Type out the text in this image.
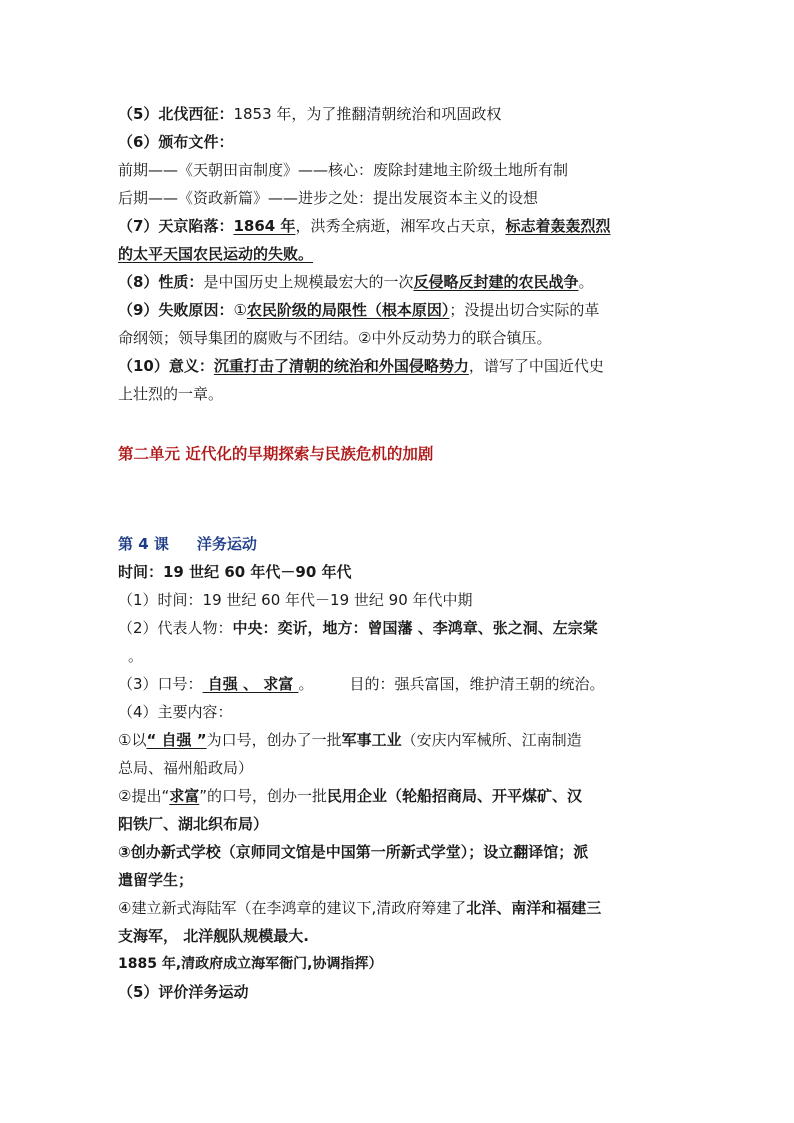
（5）北伐西征：1853 年，为了推翻清朝统治和巩固政权
（6）颁布文件：
前期——《天朝田亩制度》——核心：废除封建地主阶级土地所有制
后期——《资政新篇》——进步之处：提出发展资本主义的设想
（7）天京陷落：1864 年，洪秀全病逝，湘军攻占天京，标志着轰轰烈烈
的太平天国农民运动的失败。
（8）性质：是中国历史上规模最宏大的一次反侵略反封建的农民战争。
（9）失败原因：①农民阶级的局限性（根本原因）；没提出切合实际的革
命纲领；领导集团的腐败与不团结。②中外反动势力的联合镇压。
（10）意义：沉重打击了清朝的统治和外国侵略势力，谱写了中国近代史
上壮烈的一章。
第二单元 近代化的早期探索与民族危机的加剧
第 4 课 洋务运动
时间：19 世纪 60 年代－90 年代
（1）时间：19 世纪 60 年代－19 世纪 90 年代中期
（2）代表人物：中央：奕䜣，地方：曾国藩 、李鸿章、张之洞、左宗棠
。
（3）口号： 自强 、 求富 。 目的：强兵富国，维护清王朝的统治。
（4）主要内容：
①以“ 自强 ”为口号，创办了一批军事工业（安庆内军械所、江南制造
总局、福州船政局）
②提出“求富”的口号，创办一批民用企业（轮船招商局、开平煤矿、汉
阳铁厂、湖北织布局）
③创办新式学校（京师同文馆是中国第一所新式学堂）；设立翻译馆；派
遣留学生；
④建立新式海陆军（在李鸿章的建议下,清政府筹建了北洋、南洋和福建三
支海军， 北洋舰队规模最大.
1885 年,清政府成立海军衙门,协调指挥）
（5）评价洋务运动
